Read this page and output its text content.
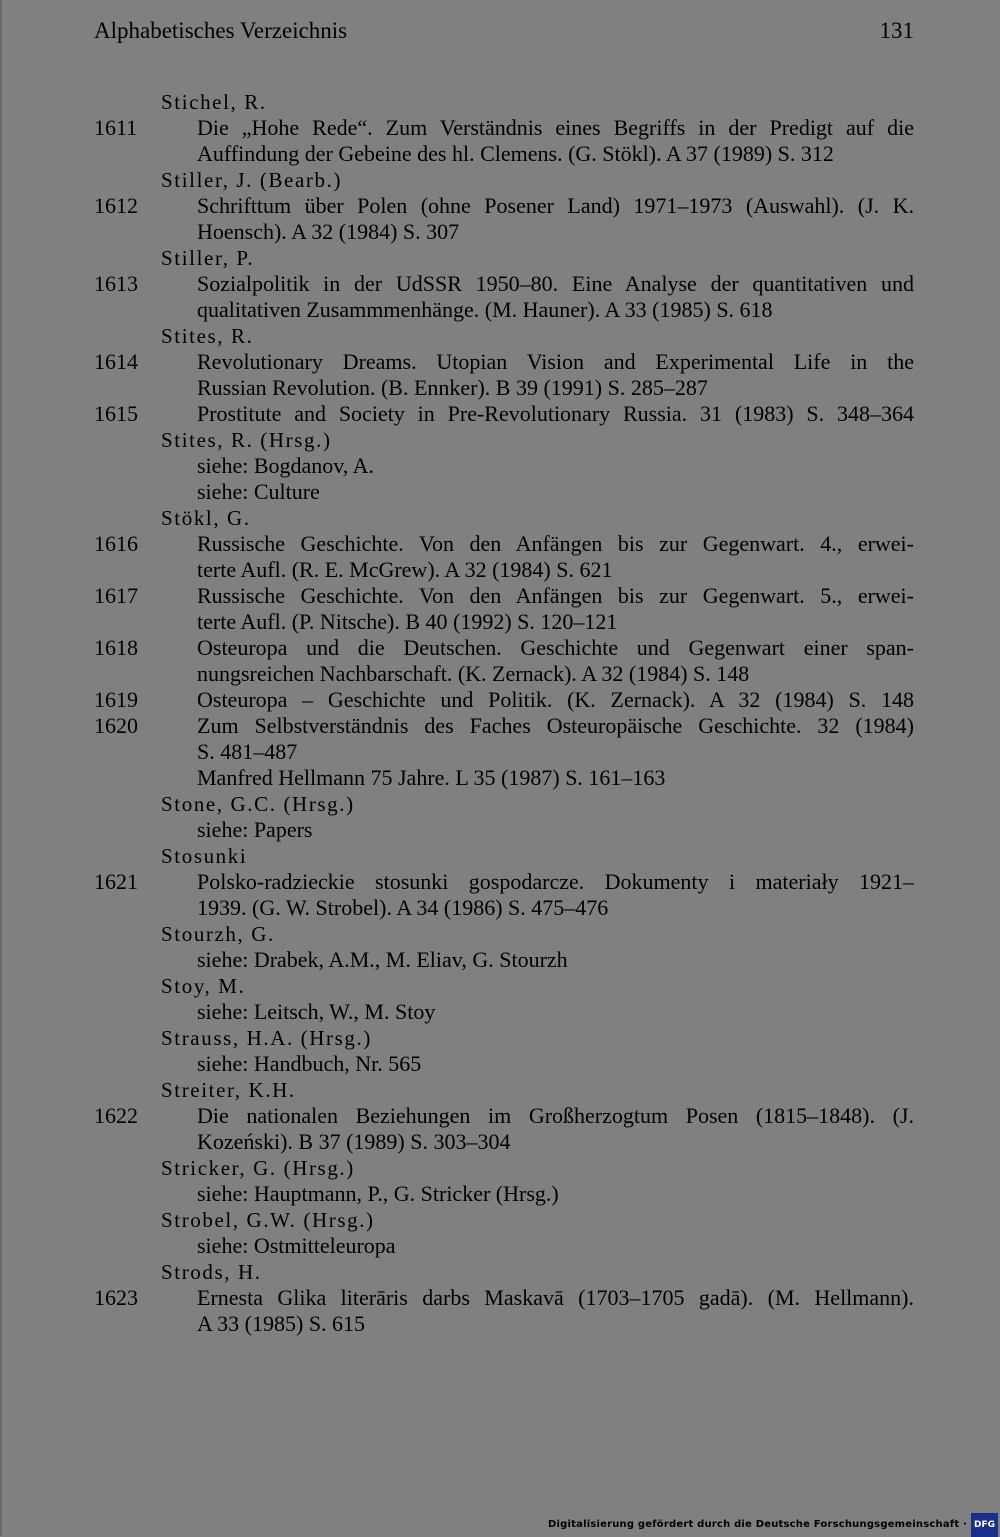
Alphabetisches Verzeichnis	131
Stichel, R.
1611	Die „Hohe Rede“. Zum Verständnis eines Begriffs in der Predigt auf die
Auffindung der Gebeine des hl. Clemens. (G. Stökl). A 37 (1989) S. 312
Stiller, J. (Bearb.)
1612	Schrifttum über Polen (ohne Posener Land) 1971–1973 (Auswahl). (J. K.
Hoensch). A 32 (1984) S. 307
Stiller, P.
1613	Sozialpolitik in der UdSSR 1950–80. Eine Analyse der quantitativen und
qualitativen Zusammmenhänge. (M. Hauner). A 33 (1985) S. 618
Stites, R.
1614	Revolutionary Dreams. Utopian Vision and Experimental Life in the
Russian Revolution. (B. Ennker). B 39 (1991) S. 285–287
1615	Prostitute and Society in Pre-Revolutionary Russia. 31 (1983) S. 348–364
Stites, R. (Hrsg.)
siehe: Bogdanov, A.
siehe: Culture
Stökl, G.
1616	Russische Geschichte. Von den Anfängen bis zur Gegenwart. 4., erwei-
terte Aufl. (R. E. McGrew). A 32 (1984) S. 621
1617	Russische Geschichte. Von den Anfängen bis zur Gegenwart. 5., erwei-
terte Aufl. (P. Nitsche). B 40 (1992) S. 120–121
1618	Osteuropa und die Deutschen. Geschichte und Gegenwart einer span-
nungsreichen Nachbarschaft. (K. Zernack). A 32 (1984) S. 148
1619	Osteuropa – Geschichte und Politik. (K. Zernack). A 32 (1984) S. 148
1620	Zum Selbstverständnis des Faches Osteuropäische Geschichte. 32 (1984)
S. 481–487
Manfred Hellmann 75 Jahre. L 35 (1987) S. 161–163
Stone, G.C. (Hrsg.)
siehe: Papers
Stosunki
1621	Polsko-radzieckie stosunki gospodarcze. Dokumenty i materiały 1921–
1939. (G. W. Strobel). A 34 (1986) S. 475–476
Stourzh, G.
siehe: Drabek, A.M., M. Eliav, G. Stourzh
Stoy, M.
siehe: Leitsch, W., M. Stoy
Strauss, H.A. (Hrsg.)
siehe: Handbuch, Nr. 565
Streiter, K.H.
1622	Die nationalen Beziehungen im Großherzogtum Posen (1815–1848). (J.
Kozeński). B 37 (1989) S. 303–304
Stricker, G. (Hrsg.)
siehe: Hauptmann, P., G. Stricker (Hrsg.)
Strobel, G.W. (Hrsg.)
siehe: Ostmitteleuropa
Strods, H.
1623	Ernesta Glika literāris darbs Maskavā (1703–1705 gadā). (M. Hellmann).
A 33 (1985) S. 615
Digitalisierung gefördert durch die Deutsche Forschungsgemeinschaft · DFG
